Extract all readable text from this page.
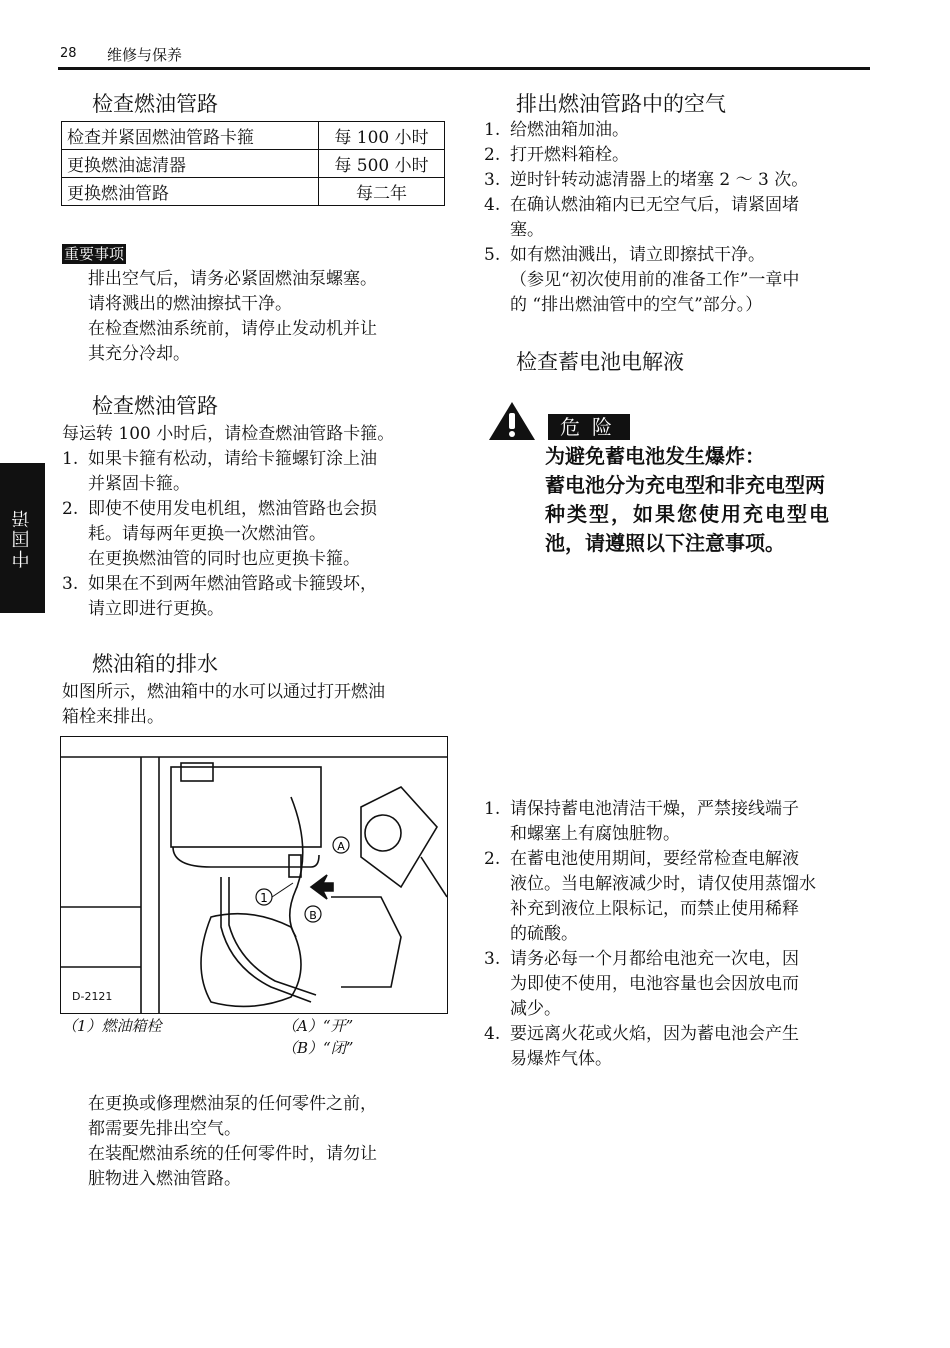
28 维修与保养
中国语
检查燃油管路
检查并紧固燃油管路卡箍	每 100 小时
更换燃油滤清器	每 500 小时
更换燃油管路	每二年
重要事项
排出空气后，请务必紧固燃油泵螺塞。
请将溅出的燃油擦拭干净。
在检查燃油系统前，请停止发动机并让
其充分冷却。
检查燃油管路
每运转 100 小时后，请检查燃油管路卡箍。
1. 如果卡箍有松动，请给卡箍螺钉涂上油
并紧固卡箍。
2. 即使不使用发电机组，燃油管路也会损
耗。请每两年更换一次燃油管。
在更换燃油管的同时也应更换卡箍。
3. 如果在不到两年燃油管路或卡箍毁坏，
请立即进行更换。
燃油箱的排水
如图所示，燃油箱中的水可以通过打开燃油
箱栓来排出。
1
A
B
D-2121
（1）燃油箱栓	（A）“开”
（B）“闭”
在更换或修理燃油泵的任何零件之前，
都需要先排出空气。
在装配燃油系统的任何零件时，请勿让
脏物进入燃油管路。
排出燃油管路中的空气
1. 给燃油箱加油。
2. 打开燃料箱栓。
3. 逆时针转动滤清器上的堵塞 2 ～ 3 次。
4. 在确认燃油箱内已无空气后，请紧固堵
塞。
5. 如有燃油溅出，请立即擦拭干净。
（参见“初次使用前的准备工作”一章中
的 “排出燃油管中的空气”部分。）
检查蓄电池电解液
危险
为避免蓄电池发生爆炸：
蓄电池分为充电型和非充电型两
种类型，如果您使用充电型电
池，请遵照以下注意事项。
1. 请保持蓄电池清洁干燥，严禁接线端子
和螺塞上有腐蚀脏物。
2. 在蓄电池使用期间，要经常检查电解液
液位。当电解液减少时，请仅使用蒸馏水
补充到液位上限标记，而禁止使用稀释
的硫酸。
3. 请务必每一个月都给电池充一次电，因
为即使不使用，电池容量也会因放电而
减少。
4. 要远离火花或火焰，因为蓄电池会产生
易爆炸气体。
